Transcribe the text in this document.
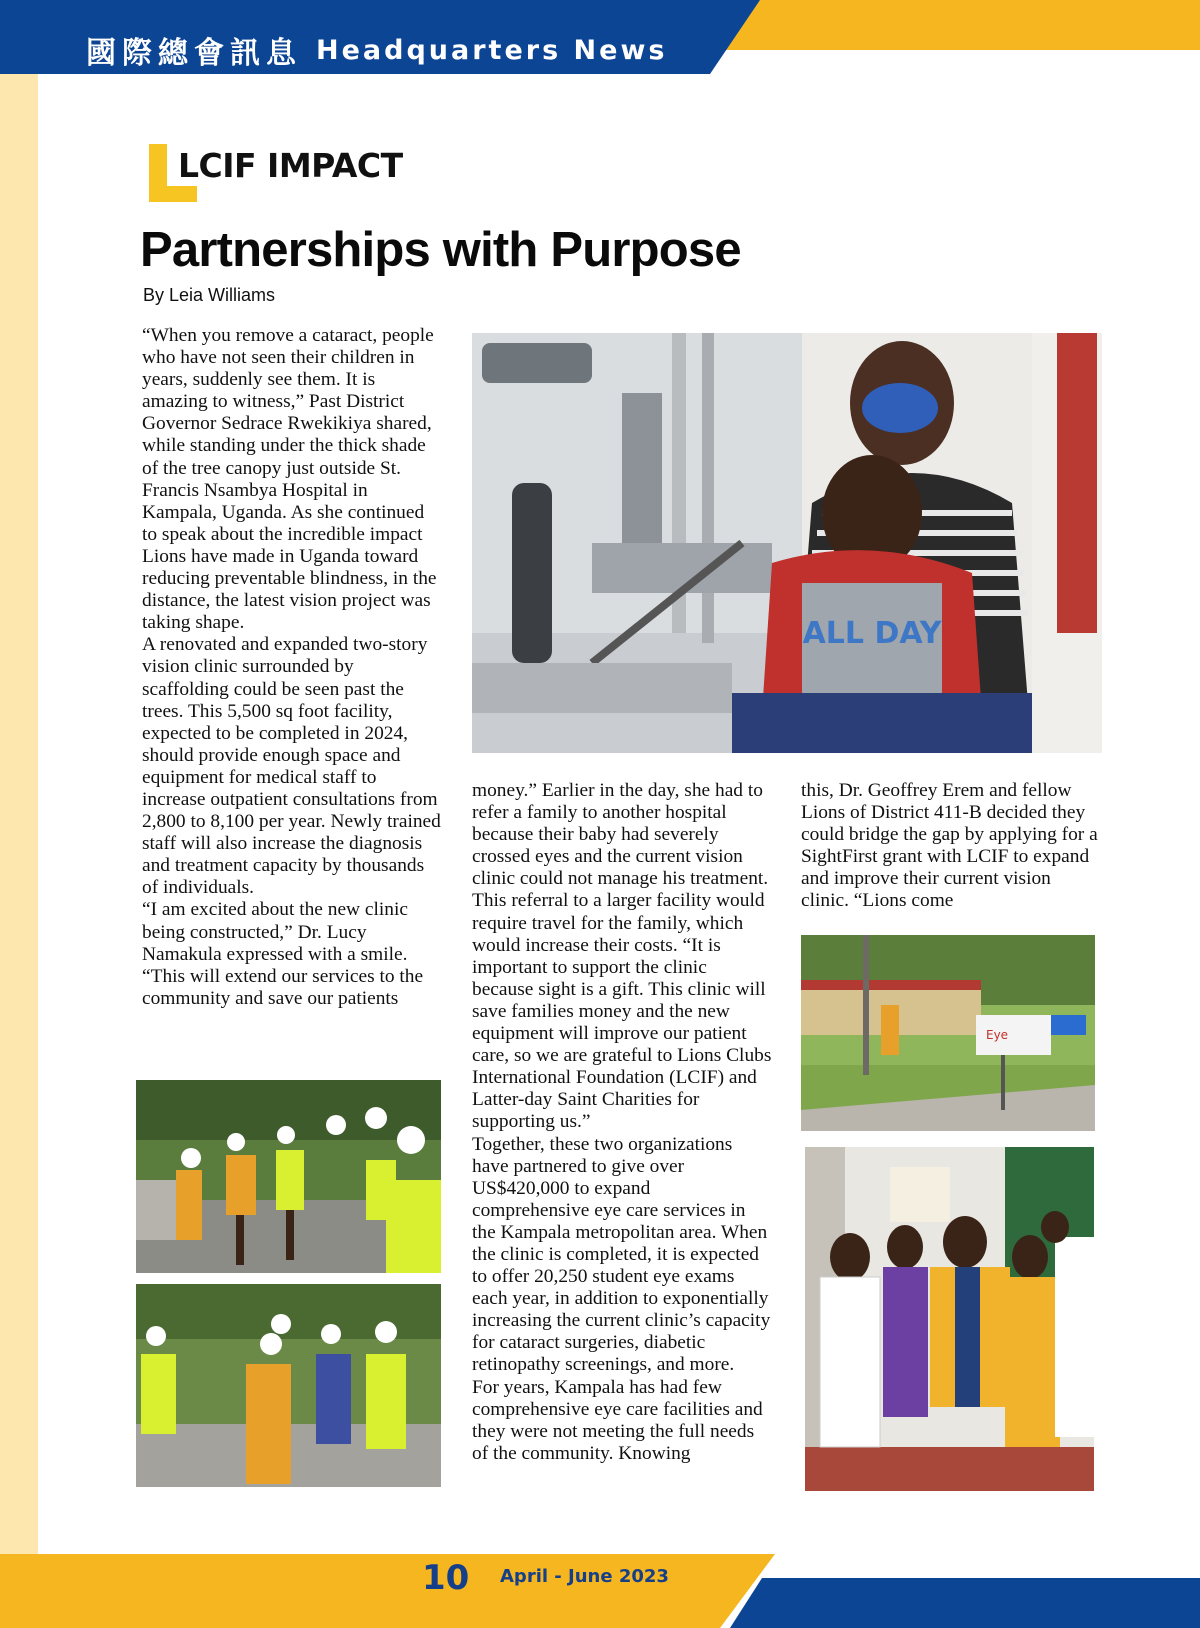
國際總會訊息 Headquarters News
LCIF IMPACT
Partnerships with Purpose
By Leia Williams

“When you remove a cataract, people who have not seen their children in years, suddenly see them. It is amazing to witness,” Past District Governor Sedrace Rwekikiya shared, while standing under the thick shade of the tree canopy just outside St. Francis Nsambya Hospital in Kampala, Uganda. As she continued to speak about the incredible impact Lions have made in Uganda toward reducing preventable blindness, in the distance, the latest vision project was taking shape.

A renovated and expanded two-story vision clinic surrounded by scaffolding could be seen past the trees. This 5,500 sq foot facility, expected to be completed in 2024, should provide enough space and equipment for medical staff to increase outpatient consultations from 2,800 to 8,100 per year. Newly trained staff will also increase the diagnosis and treatment capacity by thousands of individuals.

“I am excited about the new clinic being constructed,” Dr. Lucy Namakula expressed with a smile. “This will extend our services to the community and save our patients

money.” Earlier in the day, she had to refer a family to another hospital because their baby had severely crossed eyes and the current vision clinic could not manage his treatment. This referral to a larger facility would require travel for the family, which would increase their costs. “It is important to support the clinic because sight is a gift. This clinic will save families money and the new equipment will improve our patient care, so we are grateful to Lions Clubs International Foundation (LCIF) and Latter-day Saint Charities for supporting us.”

Together, these two organizations have partnered to give over US$420,000 to expand comprehensive eye care services in the Kampala metropolitan area. When the clinic is completed, it is expected to offer 20,250 student eye exams each year, in addition to exponentially increasing the current clinic’s capacity for cataract surgeries, diabetic retinopathy screenings, and more.

For years, Kampala has had few comprehensive eye care facilities and they were not meeting the full needs of the community. Knowing

this, Dr. Geoffrey Erem and fellow Lions of District 411-B decided they could bridge the gap by applying for a SightFirst grant with LCIF to expand and improve their current vision clinic. “Lions come

ALL DAY
Eye
10 April - June 2023
